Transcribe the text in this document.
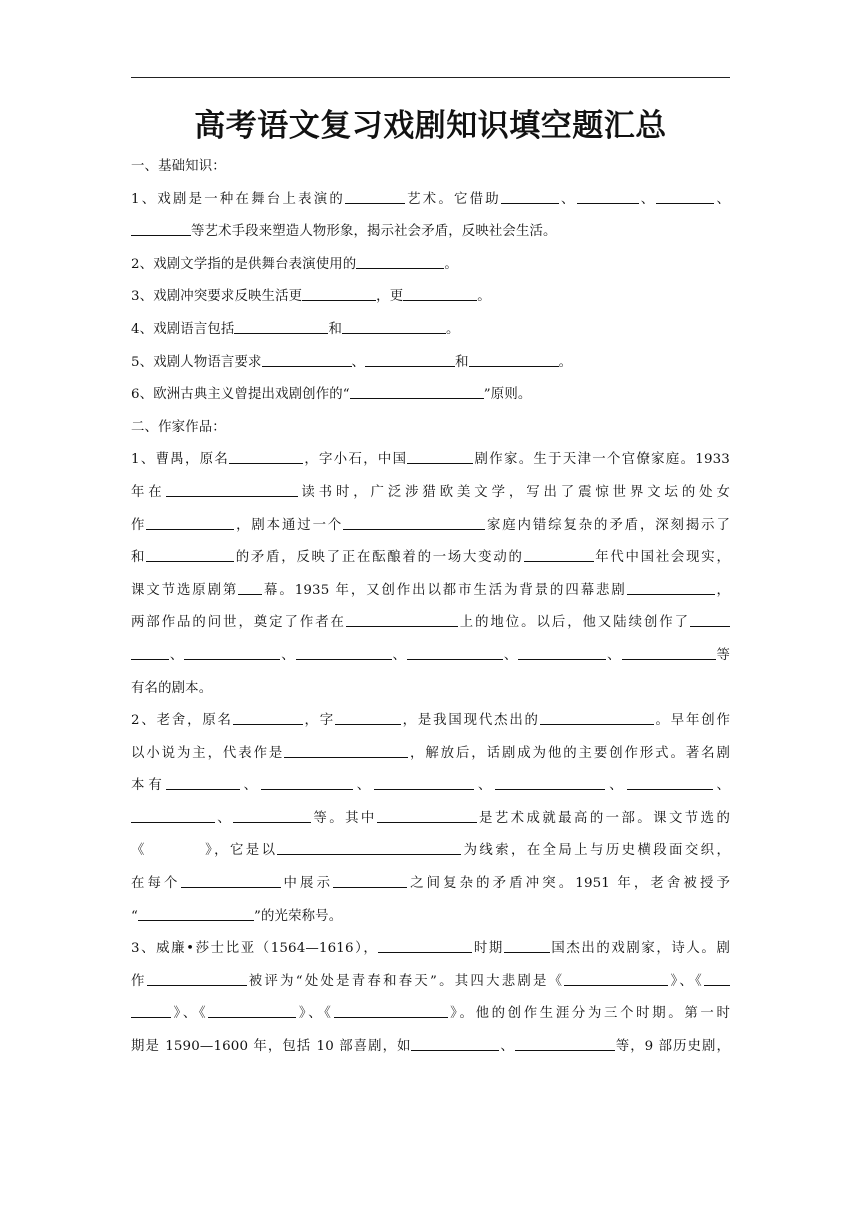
高考语文复习戏剧知识填空题汇总
一、基础知识：
1、戏剧是一种在舞台上表演的	艺术。它借助	、	、	、
等艺术手段来塑造人物形象，揭示社会矛盾，反映社会生活。
2、戏剧文学指的是供舞台表演使用的	。
3、戏剧冲突要求反映生活更	，更	。
4、戏剧语言包括	和	。
5、戏剧人物语言要求	、	和	。
6、欧洲古典主义曾提出戏剧创作的“	”原则。
二、作家作品：
1、曹禺，原名	，字小石，中国	剧作家。生于天津一个官僚家庭。1933
年在	读书时，广泛涉猎欧美文学，写出了震惊世界文坛的处女
作	，剧本通过一个	家庭内错综复杂的矛盾，深刻揭示了
和	的矛盾，反映了正在酝酿着的一场大变动的	年代中国社会现实，
课文节选原剧第 幕。1935 年，又创作出以都市生活为背景的四幕悲剧	，
两部作品的问世，奠定了作者在	上的地位。以后，他又陆续创作了
、	、	、	、	、	等
有名的剧本。
2、老舍，原名	，字	，是我国现代杰出的	。早年创作
以小说为主，代表作是	，解放后，话剧成为他的主要创作形式。著名剧
本有	、	、	、	、	、
、	等。其中	是艺术成就最高的一部。课文节选的
《	》，它是以	为线索，在全局上与历史横段面交织，
在每个	中展示	之间复杂的矛盾冲突。1951 年，老舍被授予
“	”的光荣称号。
3、威廉•莎士比亚（1564—1616），	时期	国杰出的戏剧家，诗人。剧
作	被评为“处处是青春和春天”。其四大悲剧是《	》、《
》、《	》、《	》。他的创作生涯分为三个时期。第一时
期是 1590—1600 年，包括 10 部喜剧，如	、	等，9 部历史剧，
